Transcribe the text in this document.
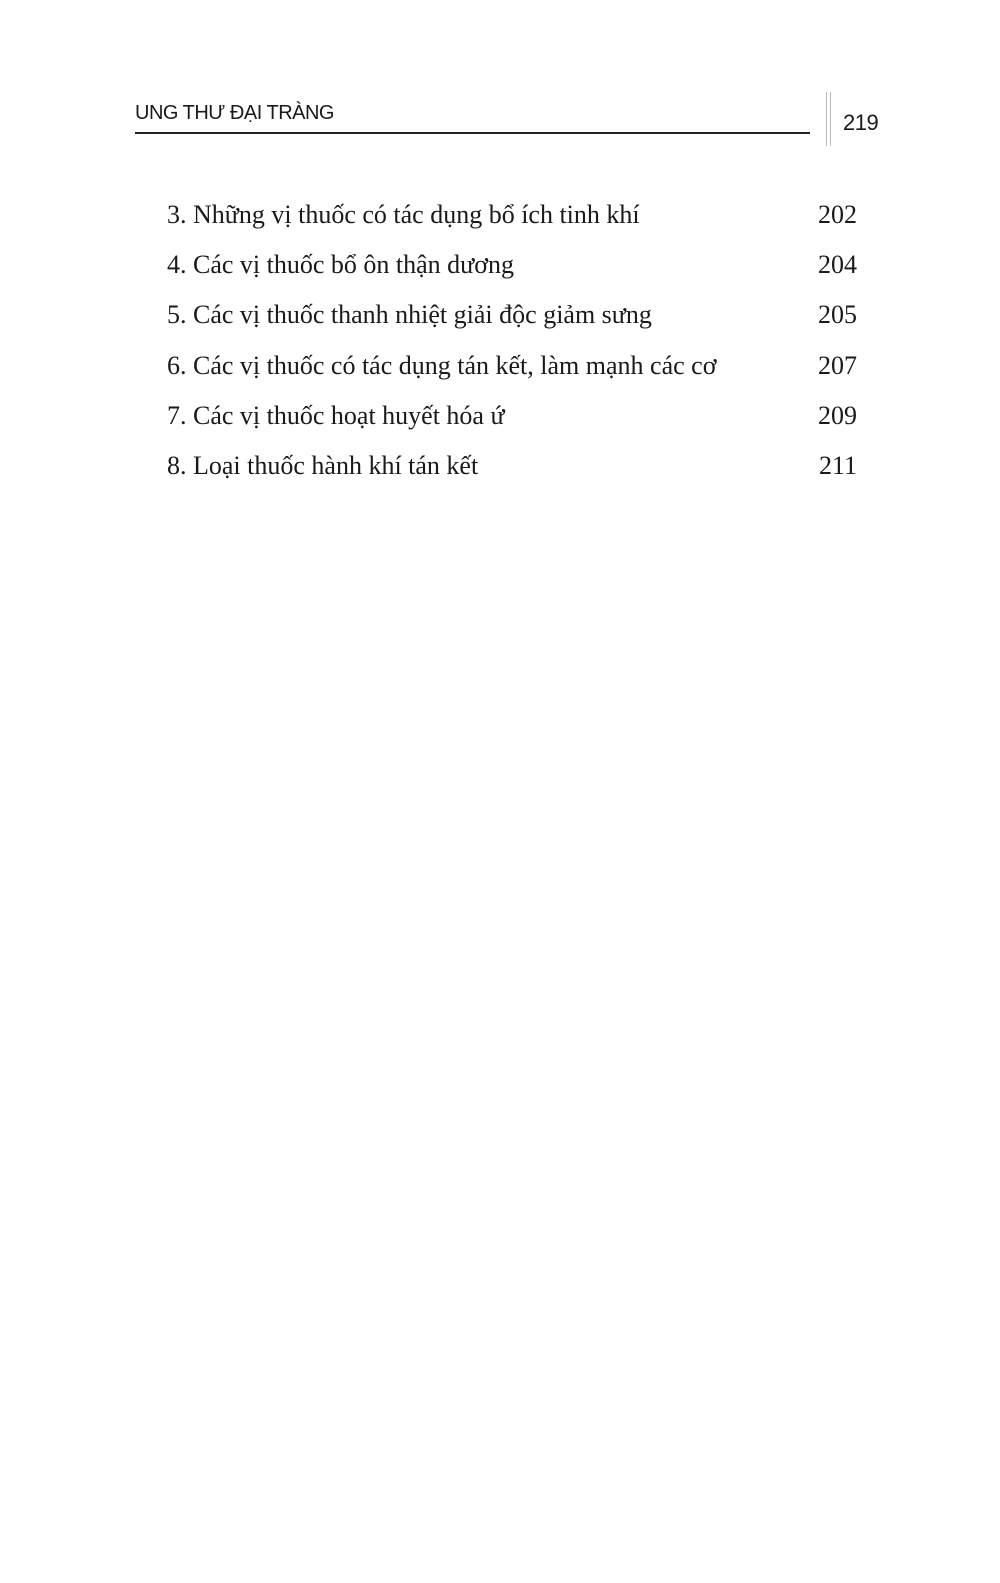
UNG THƯ ĐẠI TRÀNG	219
3. Những vị thuốc có tác dụng bổ ích tinh khí	202
4. Các vị thuốc bổ ôn thận dương	204
5. Các vị thuốc thanh nhiệt giải độc giảm sưng	205
6. Các vị thuốc có tác dụng tán kết, làm mạnh các cơ	207
7. Các vị thuốc hoạt huyết hóa ứ	209
8. Loại thuốc hành khí tán kết	211
